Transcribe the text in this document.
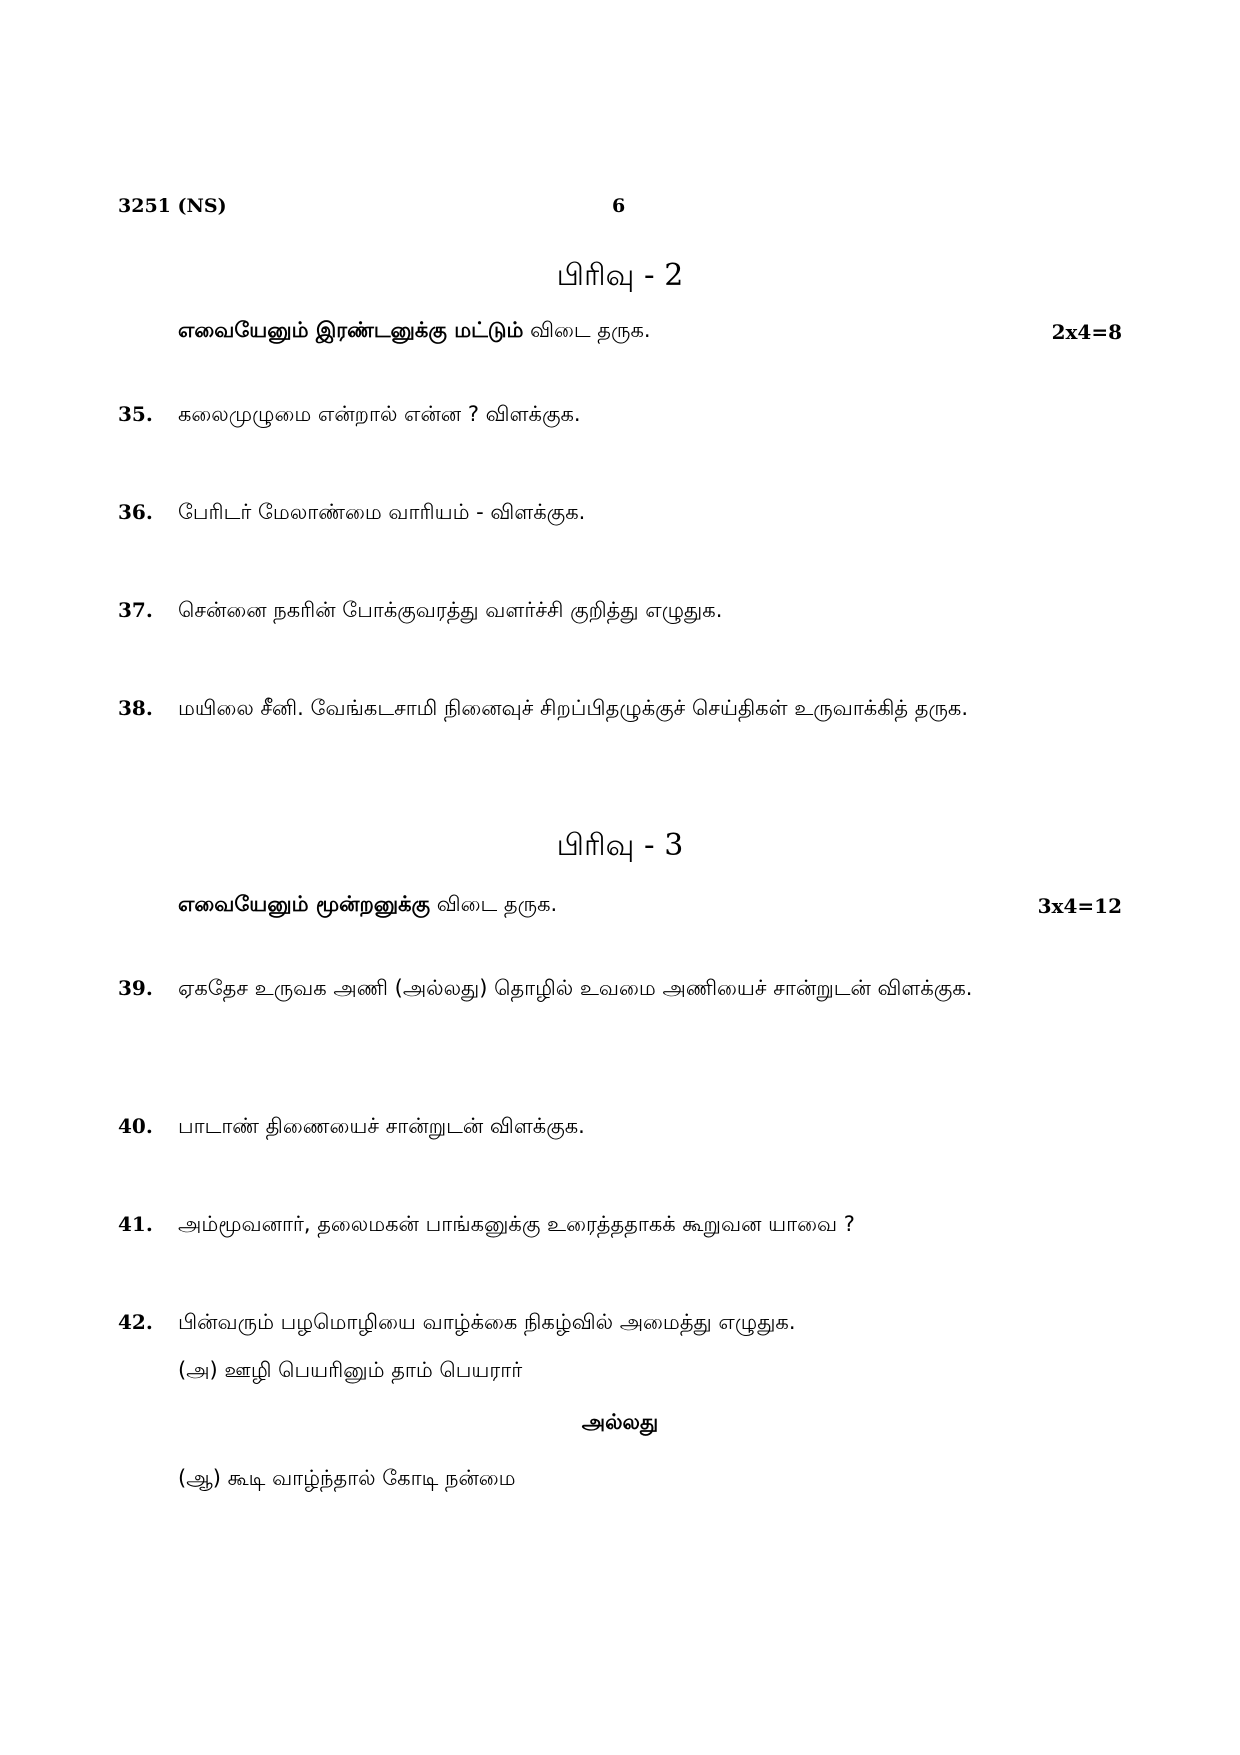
3251 (NS)	6
பிரிவு - 2
எவையேனும் இரண்டனுக்கு மட்டும் விடை தருக.	2x4=8
35.	கலைமுழுமை என்றால் என்ன ? விளக்குக.
36.	பேரிடர் மேலாண்மை வாரியம் - விளக்குக.
37.	சென்னை நகரின் போக்குவரத்து வளர்ச்சி குறித்து எழுதுக.
38.	மயிலை சீனி. வேங்கடசாமி நினைவுச் சிறப்பிதழுக்குச் செய்திகள் உருவாக்கித் தருக.
பிரிவு - 3
எவையேனும் மூன்றனுக்கு விடை தருக.	3x4=12
39.	ஏகதேச உருவக அணி (அல்லது) தொழில் உவமை அணியைச் சான்றுடன் விளக்குக.
40.	பாடாண் திணையைச் சான்றுடன் விளக்குக.
41.	அம்மூவனார், தலைமகன் பாங்கனுக்கு உரைத்ததாகக் கூறுவன யாவை ?
42.	பின்வரும் பழமொழியை வாழ்க்கை நிகழ்வில் அமைத்து எழுதுக.
(அ) ஊழி பெயரினும் தாம் பெயரார்
அல்லது
(ஆ) கூடி வாழ்ந்தால் கோடி நன்மை
